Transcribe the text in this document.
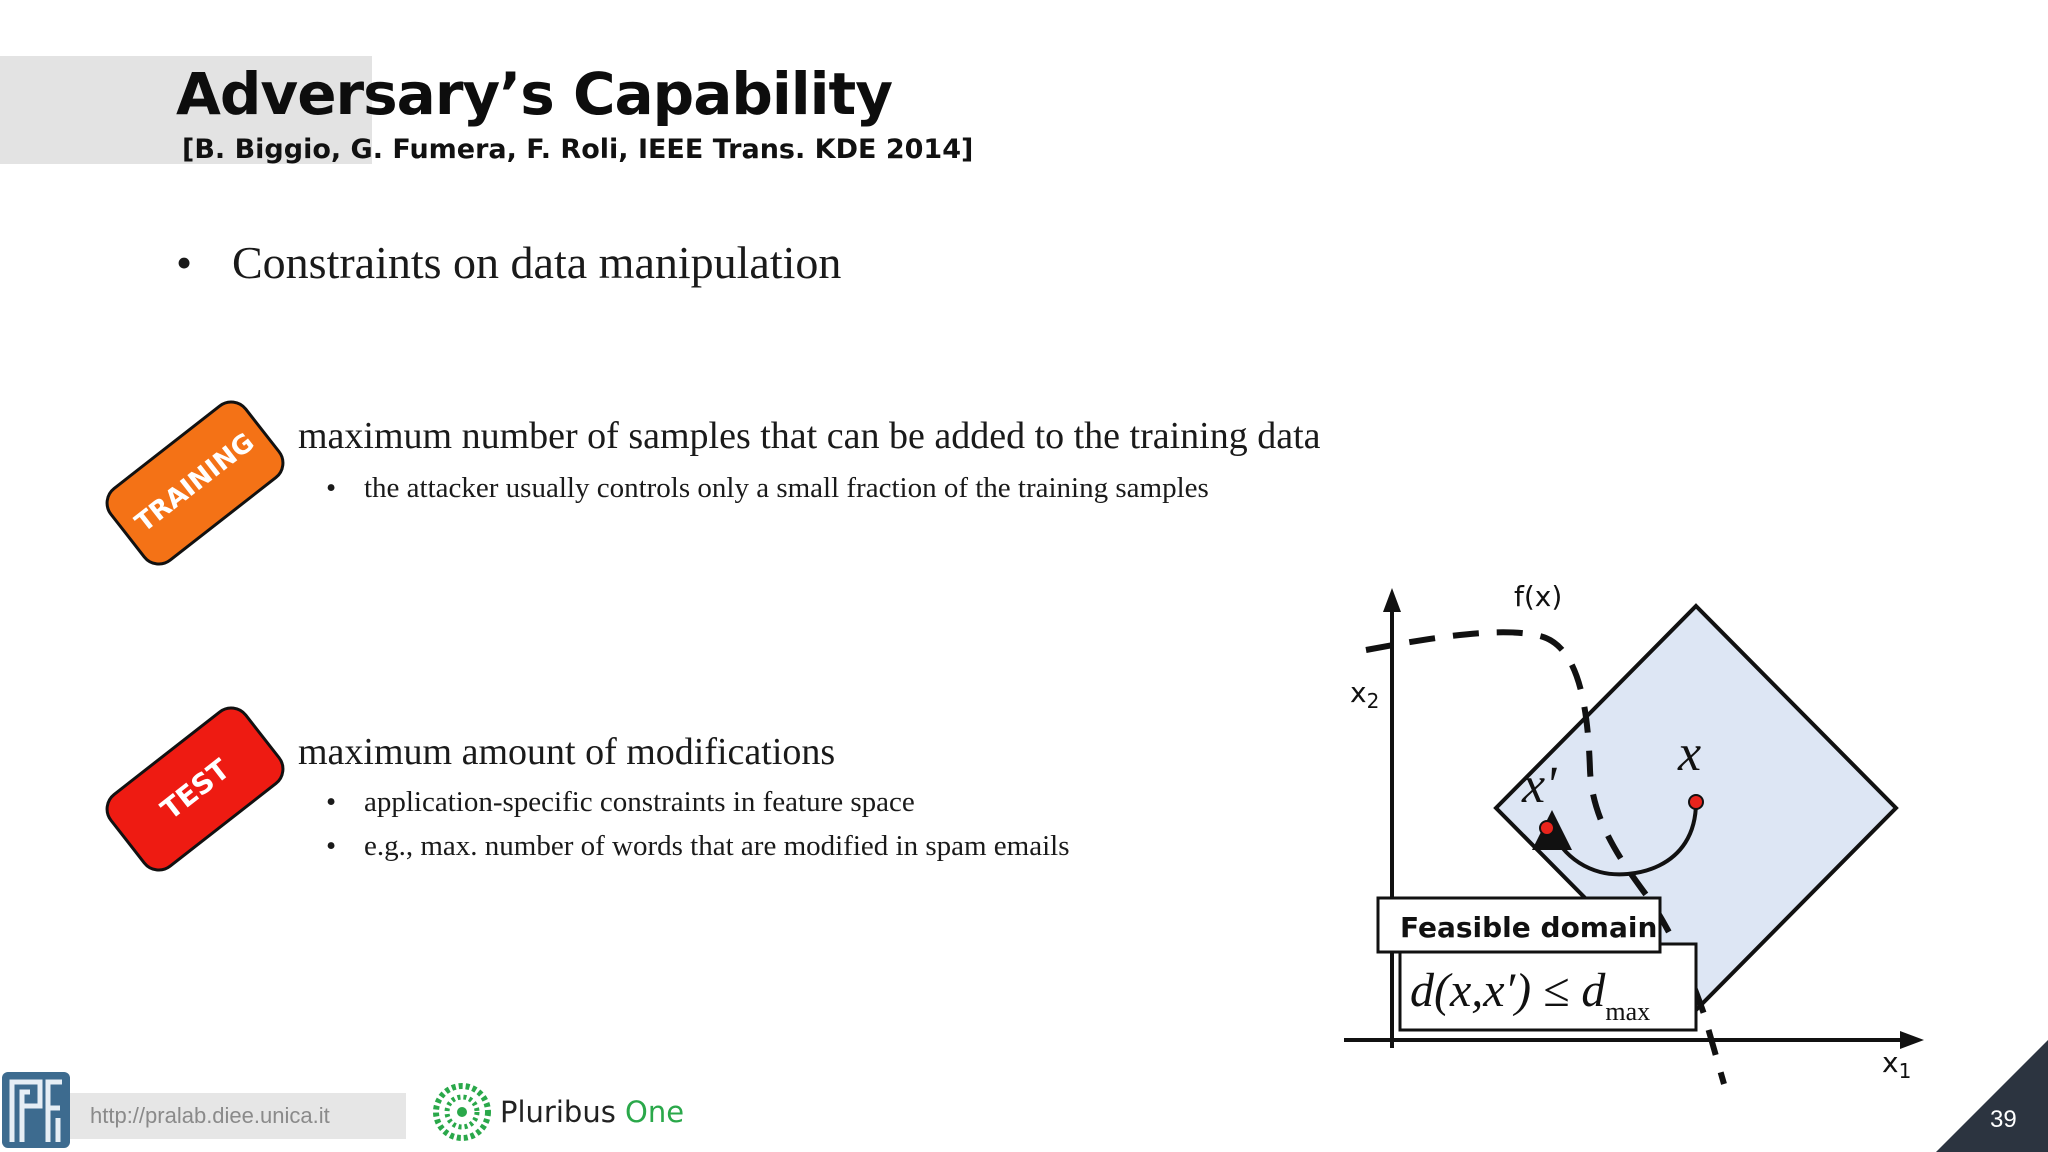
Adversary’s Capability
[B. Biggio, G. Fumera, F. Roli, IEEE Trans. KDE 2014]
• Constraints on data manipulation
TRAINING maximum number of samples that can be added to the training data
• the attacker usually controls only a small fraction of the training samples
TEST
maximum amount of modifications
• application-specific constraints in feature space
• e.g., max. number of words that are modified in spam emails
f(x)
$x_2$
$x_1$
x
x'
Feasible domain
$d(x,x') \le d_{max}$
http://pralab.diee.unica.it	Pluribus One	39
